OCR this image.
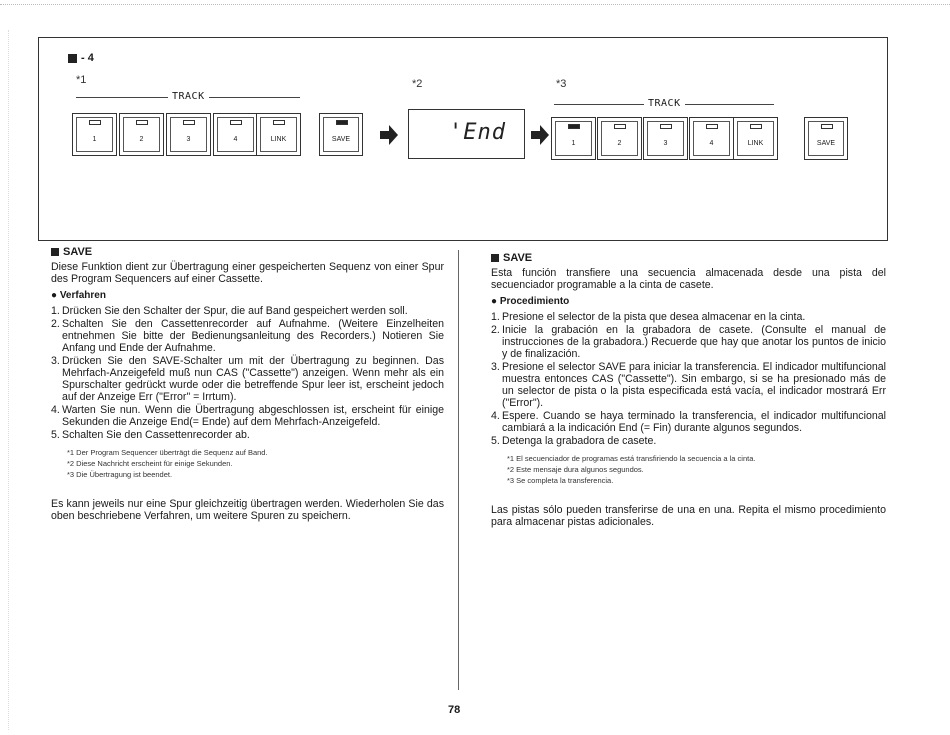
- 4
*1	*2	*3
TRACK
1	2	3	4	LINK	SAVE	'End
TRACK
1	2	3	4	LINK	SAVE
SAVE

Diese Funktion dient zur Übertragung einer gespeicherten Sequenz von einer Spur des Program Sequencers auf einer Cassette.

● Verfahren
1. Drücken Sie den Schalter der Spur, die auf Band gespeichert werden soll.
2. Schalten Sie den Cassettenrecorder auf Aufnahme. (Weitere Einzelheiten entnehmen Sie bitte der Bedienungsanleitung des Recorders.) Notieren Sie Anfang und Ende der Aufnahme.
3. Drücken Sie den SAVE-Schalter um mit der Übertragung zu beginnen. Das Mehrfach-Anzeigefeld muß nun CAS ("Cassette") anzeigen. Wenn mehr als ein Spurschalter gedrückt wurde oder die betreffende Spur leer ist, erscheint jedoch auf der Anzeige Err ("Error" = Irrtum).
4. Warten Sie nun. Wenn die Übertragung abgeschlossen ist, erscheint für einige Sekunden die Anzeige End(= Ende) auf dem Mehrfach-Anzeigefeld.
5. Schalten Sie den Cassettenrecorder ab.
*1 Der Program Sequencer überträgt die Sequenz auf Band.
*2 Diese Nachricht erscheint für einige Sekunden.
*3 Die Übertragung ist beendet.

Es kann jeweils nur eine Spur gleichzeitig übertragen werden. Wiederholen Sie das oben beschriebene Verfahren, um weitere Spuren zu speichern.

SAVE

Esta función transfiere una secuencia almacenada desde una pista del secuenciador programable a la cinta de casete.

● Procedimiento
1. Presione el selector de la pista que desea almacenar en la cinta.
2. Inicie la grabación en la grabadora de casete. (Consulte el manual de instrucciones de la grabadora.) Recuerde que hay que anotar los puntos de inicio y de finalización.
3. Presione el selector SAVE para iniciar la transferencia. El indicador multifuncional muestra entonces CAS ("Cassette"). Sin embargo, si se ha presionado más de un selector de pista o la pista especificada está vacía, el indicador mostrará Err ("Error").
4. Espere. Cuando se haya terminado la transferencia, el indicador multifuncional cambiará a la indicación End (= Fin) durante algunos segundos.
5. Detenga la grabadora de casete.
*1 El secuenciador de programas está transfiriendo la secuencia a la cinta.
*2 Este mensaje dura algunos segundos.
*3 Se completa la transferencia.

Las pistas sólo pueden transferirse de una en una. Repita el mismo procedimiento para almacenar pistas adicionales.

78
